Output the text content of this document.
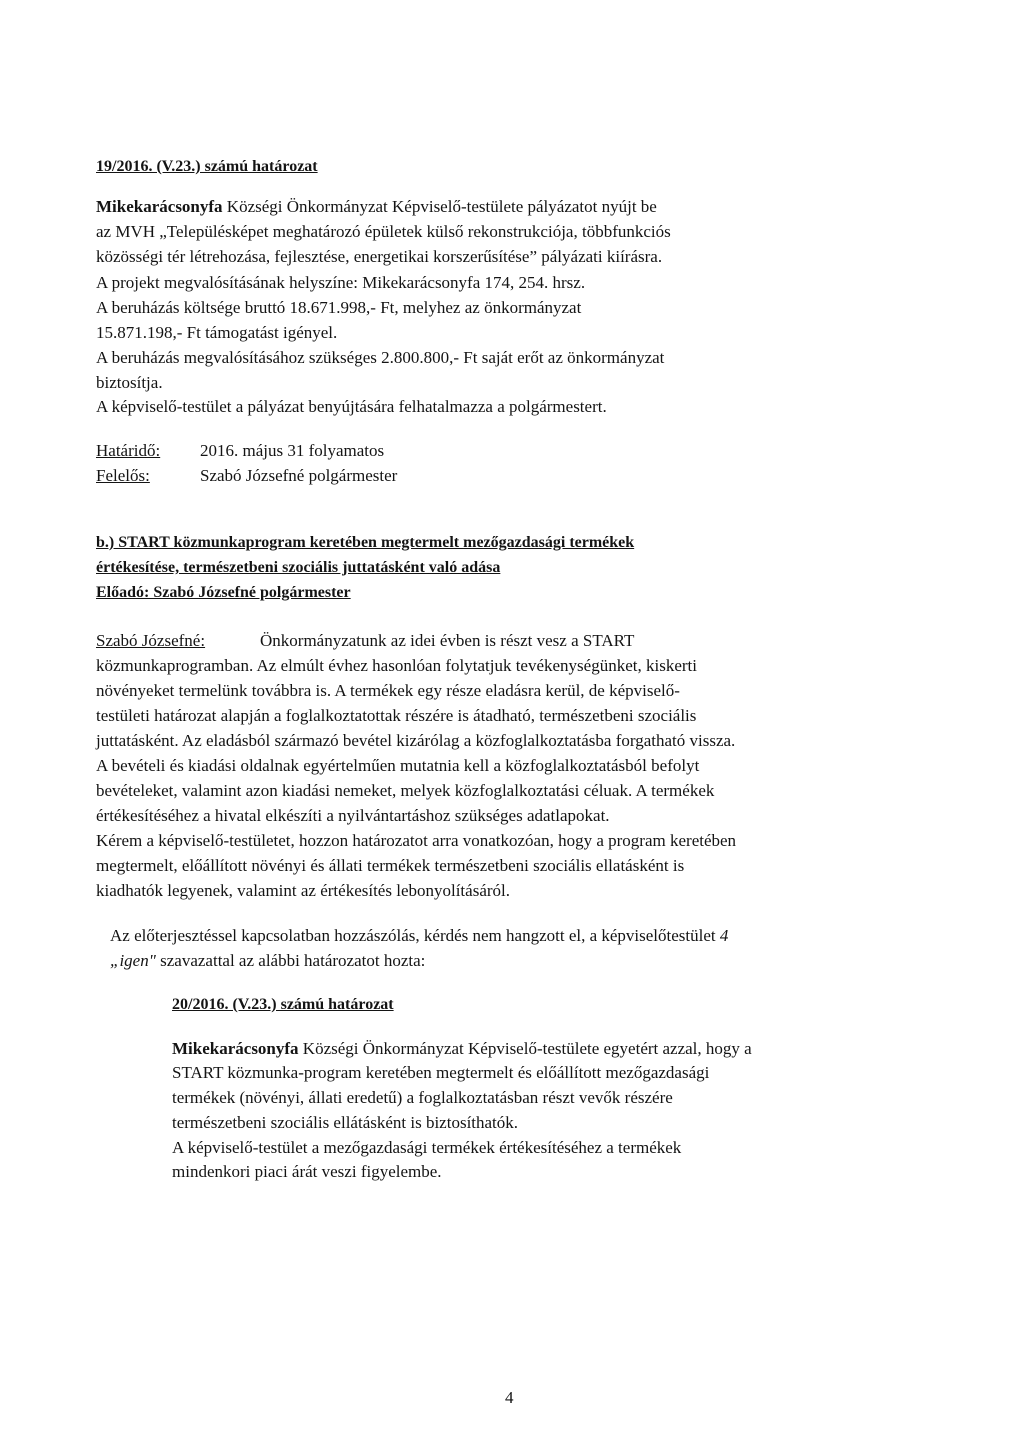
19/2016. (V.23.) számú határozat
Mikekarácsonyfa Községi Önkormányzat Képviselő-testülete pályázatot nyújt be
az MVH „Településképet meghatározó épületek külső rekonstrukciója, többfunkciós
közösségi tér létrehozása, fejlesztése, energetikai korszerűsítése” pályázati kiírásra.
A projekt megvalósításának helyszíne: Mikekarácsonyfa 174, 254. hrsz.
A beruházás költsége bruttó 18.671.998,- Ft, melyhez az önkormányzat
15.871.198,- Ft támogatást igényel.
A beruházás megvalósításához szükséges 2.800.800,- Ft saját erőt az önkormányzat
biztosítja.
A képviselő-testület a pályázat benyújtására felhatalmazza a polgármestert.
Határidő: 2016. május 31 folyamatos
Felelős:	Szabó Józsefné polgármester
b.) START közmunkaprogram keretében megtermelt mezőgazdasági termékek
értékesítése, természetbeni szociális juttatásként való adása
Előadó: Szabó Józsefné polgármester
Szabó Józsefné:	Önkormányzatunk az idei évben is részt vesz a START
közmunkaprogramban. Az elmúlt évhez hasonlóan folytatjuk tevékenységünket, kiskerti
növényeket termelünk továbbra is. A termékek egy része eladásra kerül, de képviselő-
testületi határozat alapján a foglalkoztatottak részére is átadható, természetbeni szociális
juttatásként. Az eladásból származó bevétel kizárólag a közfoglalkoztatásba forgatható vissza.
A bevételi és kiadási oldalnak egyértelműen mutatnia kell a közfoglalkoztatásból befolyt
bevételeket, valamint azon kiadási nemeket, melyek közfoglalkoztatási céluak. A termékek
értékesítéséhez a hivatal elkészíti a nyilvántartáshoz szükséges adatlapokat.
Kérem a képviselő-testületet, hozzon határozatot arra vonatkozóan, hogy a program keretében
megtermelt, előállított növényi és állati termékek természetbeni szociális ellatásként is
kiadhatók legyenek, valamint az értékesítés lebonyolításáról.
Az előterjesztéssel kapcsolatban hozzászólás, kérdés nem hangzott el, a képviselőtestület 4
„igen" szavazattal az alábbi határozatot hozta:
20/2016. (V.23.) számú határozat
Mikekarácsonyfa Községi Önkormányzat Képviselő-testülete egyetért azzal, hogy a
START közmunka-program keretében megtermelt és előállított mezőgazdasági
termékek (növényi, állati eredetű) a foglalkoztatásban részt vevők részére
természetbeni szociális ellátásként is biztosíthatók.
A képviselő-testület a mezőgazdasági termékek értékesítéséhez a termékek
mindenkori piaci árát veszi figyelembe.
4
